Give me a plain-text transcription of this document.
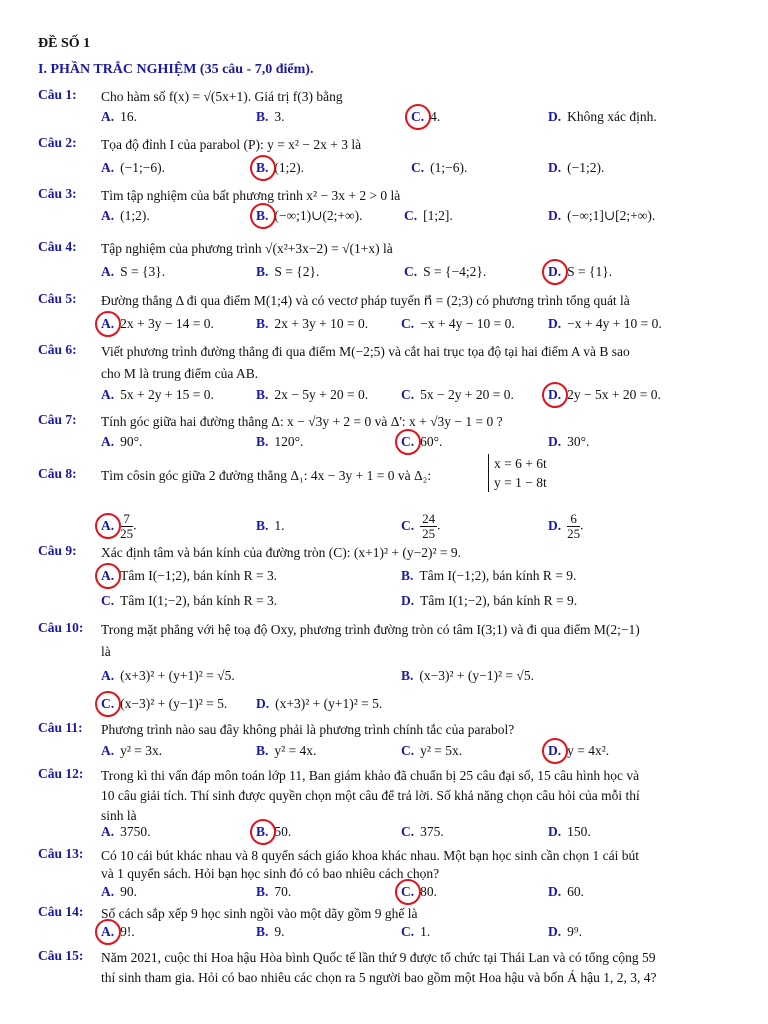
ĐỀ SỐ 1
I. PHẦN TRẮC NGHIỆM (35 câu - 7,0 điểm).
Câu 1: Cho hàm số f(x) = √(5x+1). Giá trị f(3) bằng
A. 16.	B. 3.	C. 4.	D. Không xác định.
Câu 2: Tọa độ đỉnh I của parabol (P): y = x² − 2x + 3 là
A. (−1;−6).	B. (1;2).	C. (1;−6).	D. (−1;2).
Câu 3: Tìm tập nghiệm của bất phương trình x² − 3x + 2 > 0 là
A. (1;2).	B. (−∞;1)∪(2;+∞).	C. [1;2].	D. (−∞;1]∪[2;+∞).
Câu 4: Tập nghiệm của phương trình √(x²+3x−2) = √(1+x) là
A. S = {3}.	B. S = {2}.	C. S = {−4;2}.	D. S = {1}.
Câu 5: Đường thẳng Δ đi qua điểm M(1;4) và có vectơ pháp tuyến n⃗ = (2;3) có phương trình tổng quát là
A. 2x + 3y − 14 = 0.	B. 2x + 3y + 10 = 0. C. −x + 4y − 10 = 0. D. −x + 4y + 10 = 0.
Câu 6: Viết phương trình đường thẳng đi qua điểm M(−2;5) và cắt hai trục tọa độ tại hai điểm A và B sao
cho M là trung điểm của AB.
A. 5x + 2y + 15 = 0.	B. 2x − 5y + 20 = 0. C. 5x − 2y + 20 = 0.	D. 2y − 5x + 20 = 0.
Câu 7: Tính góc giữa hai đường thẳng Δ: x − √3y + 2 = 0 và Δ': x + √3y − 1 = 0 ?
A. 90°.	B. 120°.	C. 60°.	D. 30°.
Câu 8: Tìm côsin góc giữa 2 đường thẳng Δ₁: 4x − 3y + 1 = 0 và Δ₂:
x = 6 + 6t
y = 1 − 8t
A. $\frac{7}{25}$ .	B. 1.	C. $\frac{24}{25}$ .	D. $\frac{6}{25}$ .
Câu 9: Xác định tâm và bán kính của đường tròn (C): (x+1)² + (y−2)² = 9.
A. Tâm I(−1;2), bán kính R = 3.	B. Tâm I(−1;2), bán kính R = 9.
C. Tâm I(1;−2), bán kính R = 3.	D. Tâm I(1;−2), bán kính R = 9.
Câu 10: Trong mặt phẳng với hệ toạ độ Oxy, phương trình đường tròn có tâm I(3;1) và đi qua điểm M(2;−1)
là
A. (x+3)² + (y+1)² = √5.	B. (x−3)² + (y−1)² = √5.
C. (x−3)² + (y−1)² = 5. D. (x+3)² + (y+1)² = 5.
Câu 11: Phương trình nào sau đây không phải là phương trình chính tắc của parabol?
A. y² = 3x.	B. y² = 4x.	C. y² = 5x.	D. y = 4x².
Câu 12: Trong kì thi vấn đáp môn toán lớp 11, Ban giám khảo đã chuẩn bị 25 câu đại số, 15 câu hình học và
10 câu giải tích. Thí sinh được quyền chọn một câu để trả lời. Số khả năng chọn câu hỏi của mỗi thí
sinh là
A. 3750.	B. 50.	C. 375.	D. 150.
Câu 13: Có 10 cái bút khác nhau và 8 quyển sách giáo khoa khác nhau. Một bạn học sinh cần chọn 1 cái bút
và 1 quyển sách. Hỏi bạn học sinh đó có bao nhiêu cách chọn?
A. 90.	B. 70.	C. 80.	D. 60.
Câu 14: Số cách sắp xếp 9 học sinh ngồi vào một dãy gồm 9 ghế là
A. 9!.	B. 9.	C. 1.	D. 9⁹.
Câu 15: Năm 2021, cuộc thi Hoa hậu Hòa bình Quốc tế lần thứ 9 được tổ chức tại Thái Lan và có tổng cộng 59
thí sinh tham gia. Hỏi có bao nhiêu các chọn ra 5 người bao gồm một Hoa hậu và bốn Á hậu 1, 2, 3, 4?
